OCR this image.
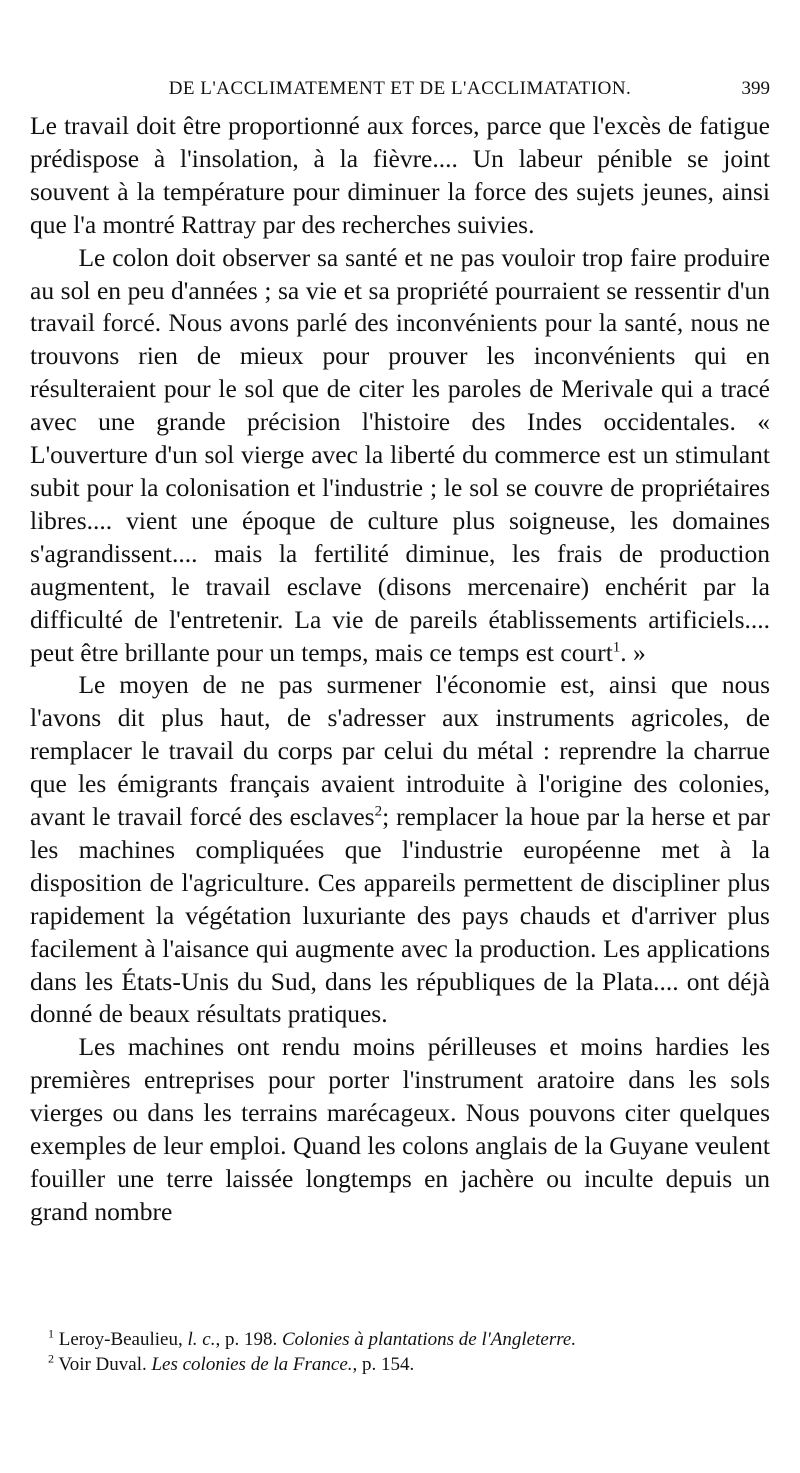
DE L'ACCLIMATEMENT ET DE L'ACCLIMATATION.	399

Le travail doit être proportionné aux forces, parce que l'excès de fatigue prédispose à l'insolation, à la fièvre.... Un labeur pénible se joint souvent à la température pour diminuer la force des sujets jeunes, ainsi que l'a montré Rattray par des recherches suivies.

Le colon doit observer sa santé et ne pas vouloir trop faire produire au sol en peu d'années ; sa vie et sa propriété pourraient se ressentir d'un travail forcé. Nous avons parlé des inconvénients pour la santé, nous ne trouvons rien de mieux pour prouver les inconvénients qui en résulteraient pour le sol que de citer les paroles de Merivale qui a tracé avec une grande précision l'histoire des Indes occidentales. « L'ouverture d'un sol vierge avec la liberté du commerce est un stimulant subit pour la colonisation et l'industrie ; le sol se couvre de propriétaires libres.... vient une époque de culture plus soigneuse, les domaines s'agrandissent.... mais la fertilité diminue, les frais de production augmentent, le travail esclave (disons mercenaire) enchérit par la difficulté de l'entretenir. La vie de pareils établissements artificiels.... peut être brillante pour un temps, mais ce temps est court$^1$. »

Le moyen de ne pas surmener l'économie est, ainsi que nous l'avons dit plus haut, de s'adresser aux instruments agricoles, de remplacer le travail du corps par celui du métal : reprendre la charrue que les émigrants français avaient introduite à l'origine des colonies, avant le travail forcé des esclaves$^2$; remplacer la houe par la herse et par les machines compliquées que l'industrie européenne met à la disposition de l'agriculture. Ces appareils permettent de discipliner plus rapidement la végétation luxuriante des pays chauds et d'arriver plus facilement à l'aisance qui augmente avec la production. Les applications dans les États-Unis du Sud, dans les républiques de la Plata.... ont déjà donné de beaux résultats pratiques.

Les machines ont rendu moins périlleuses et moins hardies les premières entreprises pour porter l'instrument aratoire dans les sols vierges ou dans les terrains marécageux. Nous pouvons citer quelques exemples de leur emploi. Quand les colons anglais de la Guyane veulent fouiller une terre laissée longtemps en jachère ou inculte depuis un grand nombre

$^1$ Leroy-Beaulieu, l. c., p. 198. Colonies à plantations de l'Angleterre.
$^2$ Voir Duval. Les colonies de la France., p. 154.
